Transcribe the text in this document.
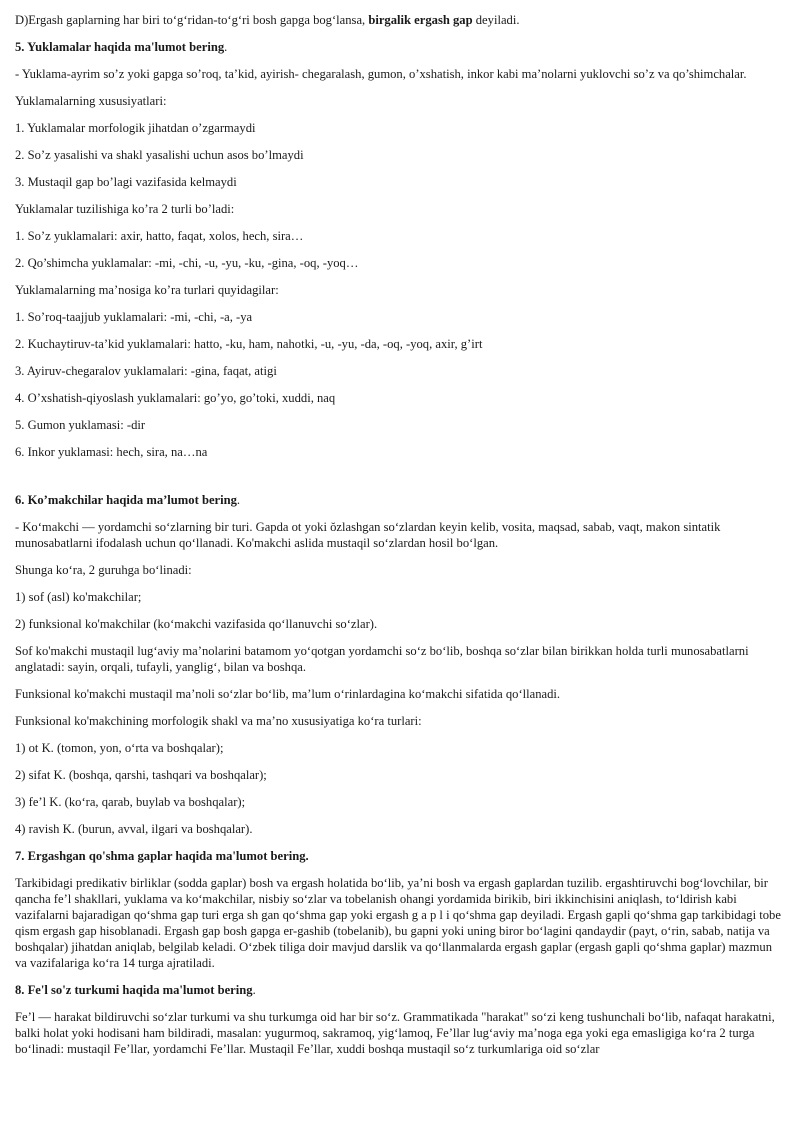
D)Ergash gaplarning har biri to‘g‘ridan-to‘g‘ri bosh gapga bog‘lansa, birgalik ergash gap deyiladi.

5. Yuklamalar haqida ma'lumot bering.

- Yuklama-ayrim so’z yoki gapga so’roq, ta’kid, ayirish- chegaralash, gumon, o’xshatish, inkor kabi ma’nolarni yuklovchi so’z va qo’shimchalar.

Yuklamalarning xususiyatlari:

1. Yuklamalar morfologik jihatdan o’zgarmaydi

2. So’z yasalishi va shakl yasalishi uchun asos bo’lmaydi

3. Mustaqil gap bo’lagi vazifasida kelmaydi

Yuklamalar tuzilishiga ko’ra 2 turli bo’ladi:

1. So’z yuklamalari: axir, hatto, faqat, xolos, hech, sira…

2. Qo’shimcha yuklamalar: -mi, -chi, -u, -yu, -ku, -gina, -oq, -yoq…

Yuklamalarning ma’nosiga ko’ra turlari quyidagilar:

1. So’roq-taajjub yuklamalari: -mi, -chi, -a, -ya

2. Kuchaytiruv-ta’kid yuklamalari: hatto, -ku, ham, nahotki, -u, -yu, -da, -oq, -yoq, axir, g’irt

3. Ayiruv-chegaralov yuklamalari: -gina, faqat, atigi

4. O’xshatish-qiyoslash yuklamalari: go’yo, go’toki, xuddi, naq

5. Gumon yuklamasi: -dir

6. Inkor yuklamasi: hech, sira, na…na

6. Ko’makchilar haqida ma’lumot bering.

- Ko‘makchi — yordamchi so‘zlarning bir turi. Gapda ot yoki ŏzlashgan so‘zlardan keyin kelib, vosita, maqsad, sabab, vaqt, makon sintatik munosabatlarni ifodalash uchun qo‘llanadi. Ko'makchi aslida mustaqil so‘zlardan hosil bo‘lgan.

Shunga ko‘ra, 2 guruhga bo‘linadi:

1) sof (asl) ko'makchilar;

2) funksional ko'makchilar (ko‘makchi vazifasida qo‘llanuvchi so‘zlar).

Sof ko'makchi mustaqil lug‘aviy ma’nolarini batamom yo‘qotgan yordamchi so‘z bo‘lib, boshqa so‘zlar bilan birikkan holda turli munosabatlarni anglatadi: sayin, orqali, tufayli, yanglig‘, bilan va boshqa.

Funksional ko'makchi mustaqil ma’noli so‘zlar bo‘lib, ma’lum o‘rinlardagina ko‘makchi sifatida qo‘llanadi.

Funksional ko'makchining morfologik shakl va ma’no xususiyatiga ko‘ra turlari:

1) ot K. (tomon, yon, o‘rta va boshqalar);

2) sifat K. (boshqa, qarshi, tashqari va boshqalar);

3) fe’l K. (ko‘ra, qarab, buylab va boshqalar);

4) ravish K. (burun, avval, ilgari va boshqalar).

7. Ergashgan qo'shma gaplar haqida ma'lumot bering.

Tarkibidagi predikativ birliklar (sodda gaplar) bosh va ergash holatida bo‘lib, ya’ni bosh va ergash gaplardan tuzilib. ergashtiruvchi bog‘lovchilar, bir qancha fe’l shakllari, yuklama va ko‘makchilar, nisbiy so‘zlar va tobelanish ohangi yordamida birikib, biri ikkinchisini aniqlash, to‘ldirish kabi vazifalarni bajaradigan qo‘shma gap turi erga sh gan qo‘shma gap yoki ergash g a p l i qo‘shma gap deyiladi. Ergash gapli qo‘shma gap tarkibidagi tobe qism ergash gap hisoblanadi. Ergash gap bosh gapga er-gashib (tobelanib), bu gapni yoki uning biror bo‘lagini qandaydir (payt, o‘rin, sabab, natija va boshqalar) jihatdan aniqlab, belgilab keladi. O‘zbek tiliga doir mavjud darslik va qo‘llanmalarda ergash gaplar (ergash gapli qo‘shma gaplar) mazmun va vazifalariga ko‘ra 14 turga ajratiladi.

8. Fe'l so'z turkumi haqida ma'lumot bering.

Fe’l — harakat bildiruvchi so‘zlar turkumi va shu turkumga oid har bir so‘z. Grammatikada "harakat" so‘zi keng tushunchali bo‘lib, nafaqat harakatni, balki holat yoki hodisani ham bildiradi, masalan: yugurmoq, sakramoq, yig‘lamoq, Fe’llar lug‘aviy ma’noga ega yoki ega emasligiga ko‘ra 2 turga bo‘linadi: mustaqil Fe’llar, yordamchi Fe’llar. Mustaqil Fe’llar, xuddi boshqa mustaqil so‘z turkumlariga oid so‘zlar
